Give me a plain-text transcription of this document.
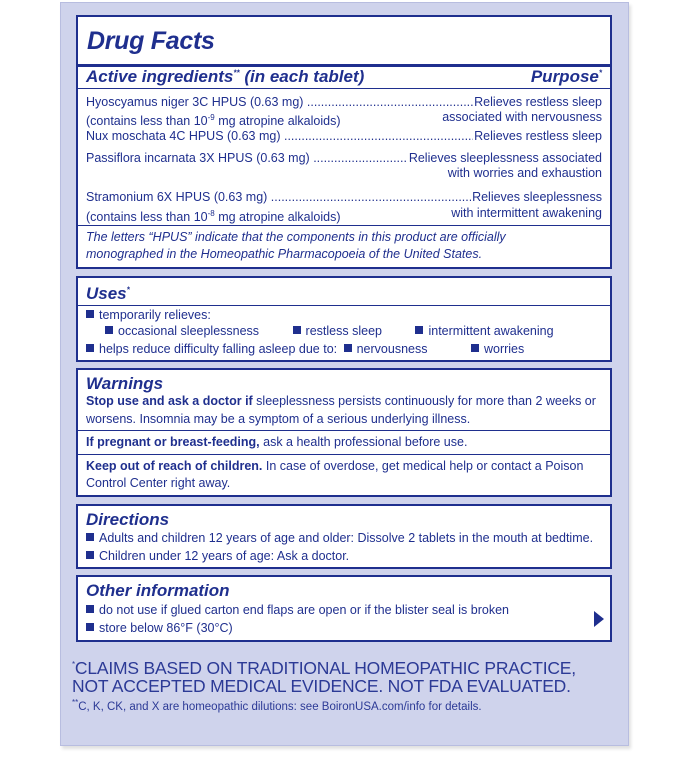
Drug Facts
Active ingredients** (in each tablet)	Purpose*
Hyoscyamus niger 3C HPUS (0.63 mg) .....	Relieves restless sleep
(contains less than $10^{-9}$ mg atropine alkaloids)	associated with nervousness
Nux moschata 4C HPUS (0.63 mg) .....	Relieves restless sleep
Passiflora incarnata 3X HPUS (0.63 mg) .....	Relieves sleeplessness associated
with worries and exhaustion
Stramonium 6X HPUS (0.63 mg) .....	Relieves sleeplessness
(contains less than $10^{-8}$ mg atropine alkaloids)	with intermittent awakening
The letters “HPUS” indicate that the components in this product are officially
monographed in the Homeopathic Pharmacopoeia of the United States.
Uses*
temporarily relieves:
occasional sleeplessness	restless sleep	intermittent awakening
helps reduce difficulty falling asleep due to: nervousness	worries
Warnings
Stop use and ask a doctor if sleeplessness persists continuously for more than 2 weeks or
worsens. Insomnia may be a symptom of a serious underlying illness.
If pregnant or breast-feeding, ask a health professional before use.
Keep out of reach of children. In case of overdose, get medical help or contact a Poison
Control Center right away.
Directions
Adults and children 12 years of age and older: Dissolve 2 tablets in the mouth at bedtime.
Children under 12 years of age: Ask a doctor.
Other information
do not use if glued carton end flaps are open or if the blister seal is broken
store below 86°F (30°C)
*CLAIMS BASED ON TRADITIONAL HOMEOPATHIC PRACTICE,
NOT ACCEPTED MEDICAL EVIDENCE. NOT FDA EVALUATED.
**C, K, CK, and X are homeopathic dilutions: see BoironUSA.com/info for details.
